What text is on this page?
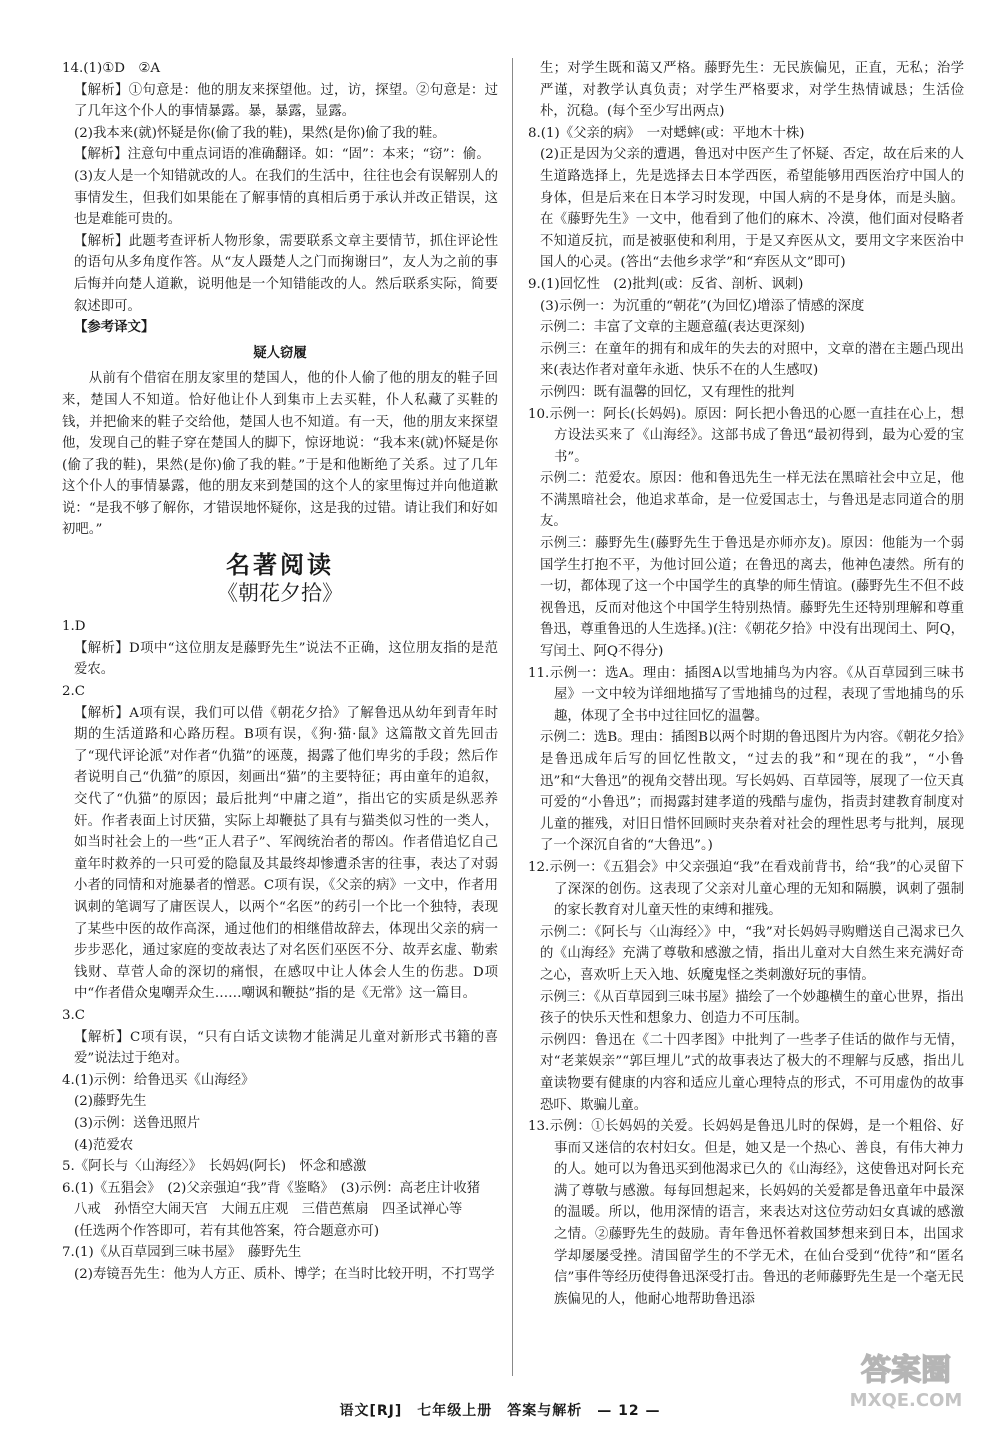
14.(1)①D　②A

【解析】①句意是：他的朋友来探望他。过，访，探望。②句意是：过了几年这个仆人的事情暴露。暴，暴露，显露。

(2)我本来(就)怀疑是你(偷了我的鞋)，果然(是你)偷了我的鞋。

【解析】注意句中重点词语的准确翻译。如：“固”：本来；“窃”：偷。

(3)友人是一个知错就改的人。在我们的生活中，往往也会有误解别人的事情发生，但我们如果能在了解事情的真相后勇于承认并改正错误，这也是难能可贵的。

【解析】此题考查评析人物形象，需要联系文章主要情节，抓住评论性的语句从多角度作答。从“友人蹑楚人之门而掬谢曰”，友人为之前的事后悔并向楚人道歉，说明他是一个知错能改的人。然后联系实际，简要叙述即可。

【参考译文】

疑人窃履

从前有个借宿在朋友家里的楚国人，他的仆人偷了他的朋友的鞋子回来，楚国人不知道。恰好他让仆人到集市上去买鞋，仆人私藏了买鞋的钱，并把偷来的鞋子交给他，楚国人也不知道。有一天，他的朋友来探望他，发现自己的鞋子穿在楚国人的脚下，惊讶地说：“我本来(就)怀疑是你(偷了我的鞋)，果然(是你)偷了我的鞋。”于是和他断绝了关系。过了几年这个仆人的事情暴露，他的朋友来到楚国的这个人的家里悔过并向他道歉说：“是我不够了解你，才错误地怀疑你，这是我的过错。请让我们和好如初吧。”

名著阅读
《朝花夕拾》

1.D

【解析】D项中“这位朋友是藤野先生”说法不正确，这位朋友指的是范爱农。

2.C

【解析】A项有误，我们可以借《朝花夕拾》了解鲁迅从幼年到青年时期的生活道路和心路历程。B项有误，《狗·猫·鼠》这篇散文首先回击了“现代评论派”对作者“仇猫”的诬蔑，揭露了他们卑劣的手段；然后作者说明自己“仇猫”的原因，刻画出“猫”的主要特征；再由童年的追叙，交代了“仇猫”的原因；最后批判“中庸之道”，指出它的实质是纵恶养奸。作者表面上讨厌猫，实际上却鞭挞了具有与猫类似习性的一类人，如当时社会上的一些“正人君子”、军阀统治者的帮凶。作者借追忆自己童年时救养的一只可爱的隐鼠及其最终却惨遭杀害的往事，表达了对弱小者的同情和对施暴者的憎恶。C项有误，《父亲的病》一文中，作者用讽刺的笔调写了庸医误人，以两个“名医”的药引一个比一个独特，表现了某些中医的故作高深，通过他们的相继借故辞去，体现出父亲的病一步步恶化，通过家庭的变故表达了对名医们巫医不分、故弄玄虚、勒索钱财、草菅人命的深切的痛恨，在感叹中让人体会人生的伤悲。D项中“作者借众鬼嘲弄众生……嘲讽和鞭挞”指的是《无常》这一篇目。

3.C

【解析】C项有误，“只有白话文读物才能满足儿童对新形式书籍的喜爱”说法过于绝对。

4.(1)示例：给鲁迅买《山海经》

(2)藤野先生

(3)示例：送鲁迅照片

(4)范爱农

5.《阿长与〈山海经〉》　长妈妈(阿长)　怀念和感激

6.(1)《五猖会》　(2)父亲强迫“我”背《鉴略》　(3)示例：高老庄计收猪

八戒　孙悟空大闹天宫　大闹五庄观　三借芭蕉扇　四圣试禅心等

(任选两个作答即可，若有其他答案，符合题意亦可)

7.(1)《从百草园到三味书屋》　藤野先生

(2)寿镜吾先生：他为人方正、质朴、博学；在当时比较开明，不打骂学

生；对学生既和蔼又严格。藤野先生：无民族偏见，正直，无私；治学严谨，对教学认真负责；对学生严格要求，对学生热情诚恳；生活俭朴，沉稳。(每个至少写出两点)

8.(1)《父亲的病》　一对蟋蟀(或：平地木十株)

(2)正是因为父亲的遭遇，鲁迅对中医产生了怀疑、否定，故在后来的人生道路选择上，先是选择去日本学西医，希望能够用西医治疗中国人的身体，但是后来在日本学习时发现，中国人病的不是身体，而是头脑。在《藤野先生》一文中，他看到了他们的麻木、冷漠，他们面对侵略者不知道反抗，而是被驱使和利用，于是又弃医从文，要用文字来医治中国人的心灵。(答出“去他乡求学”和“弃医从文”即可)

9.(1)回忆性　(2)批判(或：反省、剖析、讽刺)

(3)示例一：为沉重的“朝花”(为回忆)增添了情感的深度

示例二：丰富了文章的主题意蕴(表达更深刻)

示例三：在童年的拥有和成年的失去的对照中，文章的潜在主题凸现出来(表达作者对童年永逝、快乐不在的人生感叹)

示例四：既有温馨的回忆，又有理性的批判

10.示例一：阿长(长妈妈)。原因：阿长把小鲁迅的心愿一直挂在心上，想方设法买来了《山海经》。这部书成了鲁迅“最初得到，最为心爱的宝书”。

示例二：范爱农。原因：他和鲁迅先生一样无法在黑暗社会中立足，他不满黑暗社会，他追求革命，是一位爱国志士，与鲁迅是志同道合的朋友。

示例三：藤野先生(藤野先生于鲁迅是亦师亦友)。原因：他能为一个弱国学生打抱不平，为他讨回公道；在鲁迅的离去，他神色凄然。所有的一切，都体现了这一个中国学生的真挚的师生情谊。(藤野先生不但不歧视鲁迅，反而对他这个中国学生特别热情。藤野先生还特别理解和尊重鲁迅，尊重鲁迅的人生选择。)(注：《朝花夕拾》中没有出现闰土、阿Q，写闰土、阿Q不得分)

11.示例一：选A。理由：插图A以雪地捕鸟为内容。《从百草园到三味书屋》一文中较为详细地描写了雪地捕鸟的过程，表现了雪地捕鸟的乐趣，体现了全书中过往回忆的温馨。

示例二：选B。理由：插图B以两个时期的鲁迅图片为内容。《朝花夕拾》是鲁迅成年后写的回忆性散文，“过去的我”和“现在的我”，“小鲁迅”和“大鲁迅”的视角交替出现。写长妈妈、百草园等，展现了一位天真可爱的“小鲁迅”；而揭露封建孝道的残酷与虚伪，指责封建教育制度对儿童的摧残，对旧日惜怀回顾时夹杂着对社会的理性思考与批判，展现了一个深沉自省的“大鲁迅”。)

12.示例一：《五猖会》中父亲强迫“我”在看戏前背书，给“我”的心灵留下了深深的创伤。这表现了父亲对儿童心理的无知和隔膜，讽刺了强制的家长教育对儿童天性的束缚和摧残。

示例二：《阿长与〈山海经〉》中，“我”对长妈妈寻购赠送自己渴求已久的《山海经》充满了尊敬和感激之情，指出儿童对大自然生来充满好奇之心，喜欢听上天入地、妖魔鬼怪之类刺激好玩的事情。

示例三：《从百草园到三味书屋》描绘了一个妙趣横生的童心世界，指出孩子的快乐天性和想象力、创造力不可压制。

示例四：鲁迅在《二十四孝图》中批判了一些孝子佳话的做作与无情，对“老莱娱亲”“郭巨埋儿”式的故事表达了极大的不理解与反感，指出儿童读物要有健康的内容和适应儿童心理特点的形式，不可用虚伪的故事恐吓、欺骗儿童。

13.示例：①长妈妈的关爱。长妈妈是鲁迅儿时的保姆，是一个粗俗、好事而又迷信的农村妇女。但是，她又是一个热心、善良，有伟大神力的人。她可以为鲁迅买到他渴求已久的《山海经》，这使鲁迅对阿长充满了尊敬与感激。每每回想起来，长妈妈的关爱都是鲁迅童年中最深的温暖。所以，他用深情的语言，来表达对这位劳动妇女真诚的感激之情。②藤野先生的鼓励。青年鲁迅怀着救国梦想来到日本，出国求学却屡屡受挫。清国留学生的不学无术，在仙台受到“优待”和“匿名信”事件等经历使得鲁迅深受打击。鲁迅的老师藤野先生是一个毫无民族偏见的人，他耐心地帮助鲁迅添

语文[RJ]　七年级上册　答案与解析　— 12 —
答案圈
MXQE.COM
